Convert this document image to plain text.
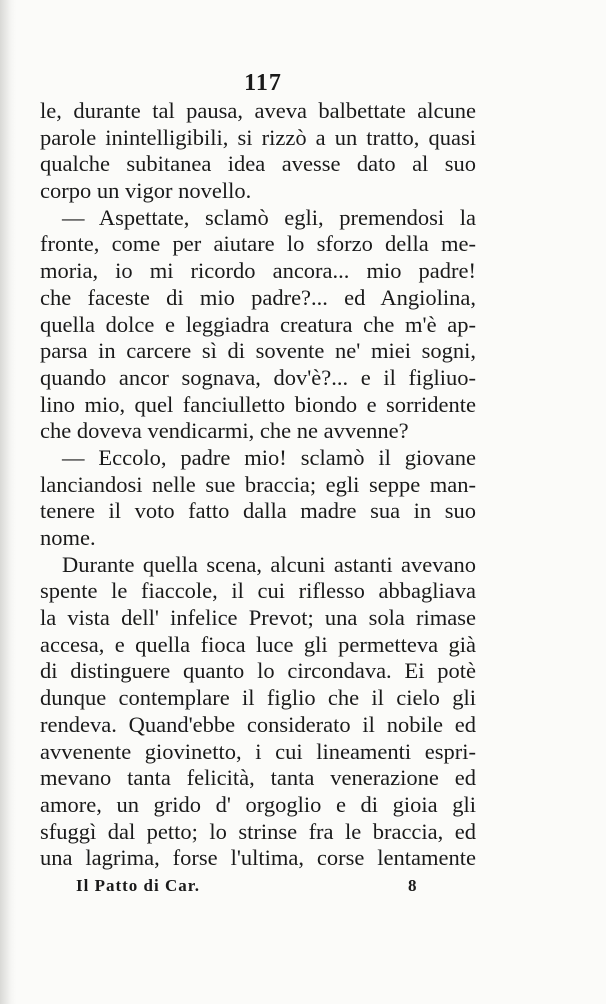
117
le, durante tal pausa, aveva balbettate alcune
parole inintelligibili, si rizzò a un tratto, quasi
qualche subitanea idea avesse dato al suo
corpo un vigor novello.
— Aspettate, sclamò egli, premendosi la
fronte, come per aiutare lo sforzo della me-
moria, io mi ricordo ancora... mio padre!
che faceste di mio padre?... ed Angiolina,
quella dolce e leggiadra creatura che m'è ap-
parsa in carcere sì di sovente ne' miei sogni,
quando ancor sognava, dov'è?... e il figliuo-
lino mio, quel fanciulletto biondo e sorridente
che doveva vendicarmi, che ne avvenne?
— Eccolo, padre mio! sclamò il giovane
lanciandosi nelle sue braccia; egli seppe man-
tenere il voto fatto dalla madre sua in suo
nome.
Durante quella scena, alcuni astanti avevano
spente le fiaccole, il cui riflesso abbagliava
la vista dell' infelice Prevot; una sola rimase
accesa, e quella fioca luce gli permetteva già
di distinguere quanto lo circondava. Ei potè
dunque contemplare il figlio che il cielo gli
rendeva. Quand'ebbe considerato il nobile ed
avvenente giovinetto, i cui lineamenti espri-
mevano tanta felicità, tanta venerazione ed
amore, un grido d' orgoglio e di gioia gli
sfuggì dal petto; lo strinse fra le braccia, ed
una lagrima, forse l'ultima, corse lentamente
Il Patto di Car.	8
